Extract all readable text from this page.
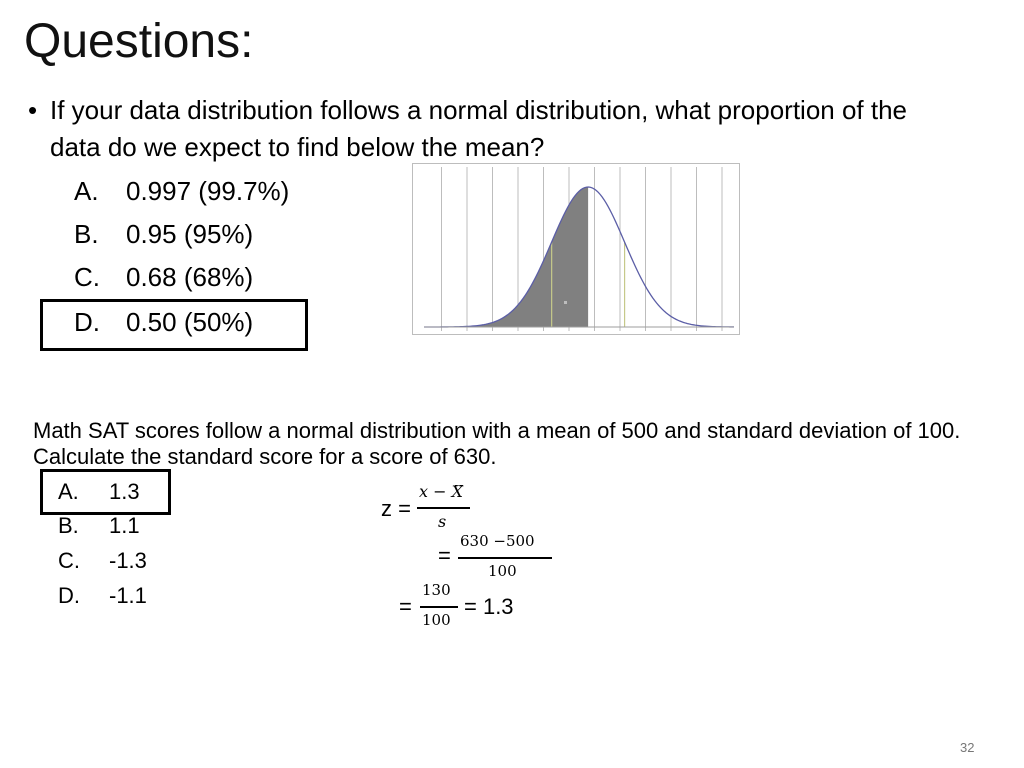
Questions:
• If your data distribution follows a normal distribution, what proportion of the data do we expect to find below the mean?
A. 0.997 (99.7%)
B. 0.95 (95%)
C. 0.68 (68%)
D. 0.50 (50%)
Math SAT scores follow a normal distribution with a mean of 500 and standard deviation of 100. Calculate the standard score for a score of 630.
A. 1.3
B. 1.1
C. -1.3
D. -1.1
z =
𝑥 − 𝑋̅
𝑠
=
630 −500
100
=
130
100
= 1.3
32
